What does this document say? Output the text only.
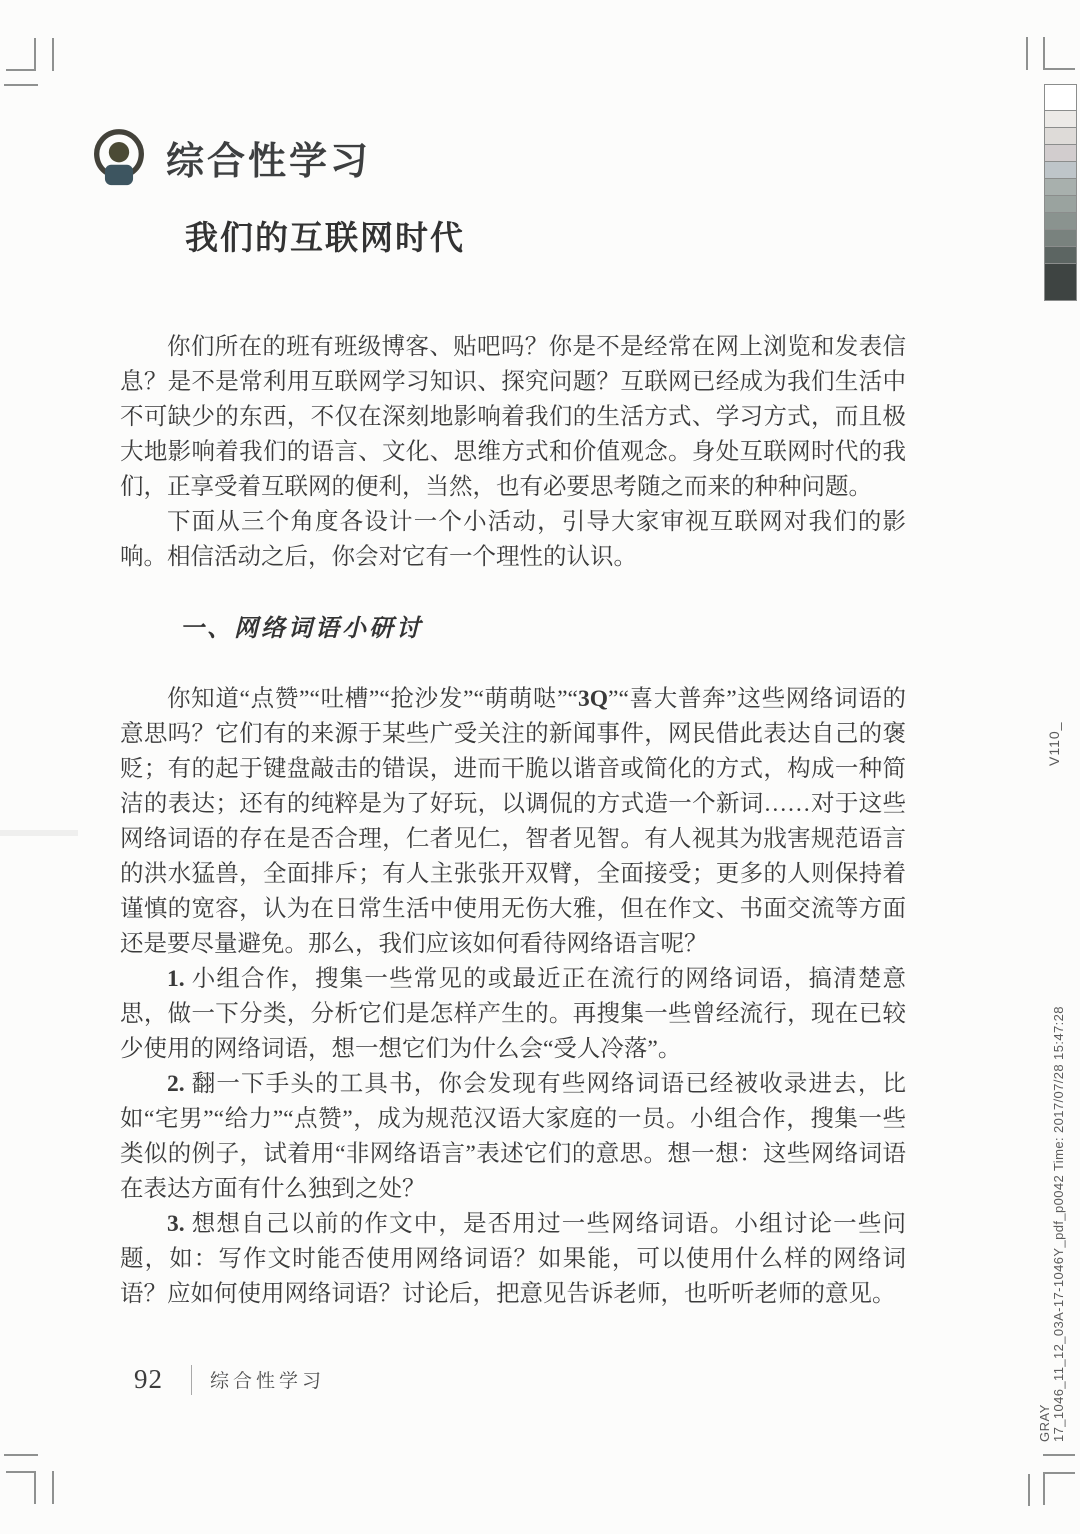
综合性学习
我们的互联网时代

你们所在的班有班级博客、贴吧吗？你是不是经常在网上浏览和发表信息？是不是常利用互联网学习知识、探究问题？互联网已经成为我们生活中不可缺少的东西，不仅在深刻地影响着我们的生活方式、学习方式，而且极大地影响着我们的语言、文化、思维方式和价值观念。身处互联网时代的我们，正享受着互联网的便利，当然，也有必要思考随之而来的种种问题。

下面从三个角度各设计一个小活动，引导大家审视互联网对我们的影响。相信活动之后，你会对它有一个理性的认识。

一、网络词语小研讨

你知道“点赞”“吐槽”“抢沙发”“萌萌哒”“3Q”“喜大普奔”这些网络词语的意思吗？它们有的来源于某些广受关注的新闻事件，网民借此表达自己的褒贬；有的起于键盘敲击的错误，进而干脆以谐音或简化的方式，构成一种简洁的表达；还有的纯粹是为了好玩，以调侃的方式造一个新词……对于这些网络词语的存在是否合理，仁者见仁，智者见智。有人视其为戕害规范语言的洪水猛兽，全面排斥；有人主张张开双臂，全面接受；更多的人则保持着谨慎的宽容，认为在日常生活中使用无伤大雅，但在作文、书面交流等方面还是要尽量避免。那么，我们应该如何看待网络语言呢？

1. 小组合作，搜集一些常见的或最近正在流行的网络词语，搞清楚意思，做一下分类，分析它们是怎样产生的。再搜集一些曾经流行，现在已较少使用的网络词语，想一想它们为什么会“受人冷落”。

2. 翻一下手头的工具书，你会发现有些网络词语已经被收录进去，比如“宅男”“给力”“点赞”，成为规范汉语大家庭的一员。小组合作，搜集一些类似的例子，试着用“非网络语言”表述它们的意思。想一想：这些网络词语在表达方面有什么独到之处？

3. 想想自己以前的作文中，是否用过一些网络词语。小组讨论一些问题，如：写作文时能否使用网络词语？如果能，可以使用什么样的网络词语？应如何使用网络词语？讨论后，把意见告诉老师，也听听老师的意见。

92 综合性学习
V110_
17_1046_11_12_03A-17-1046Y_pdf_p0042 Time: 2017/07/28 15:47:28
GRAY
